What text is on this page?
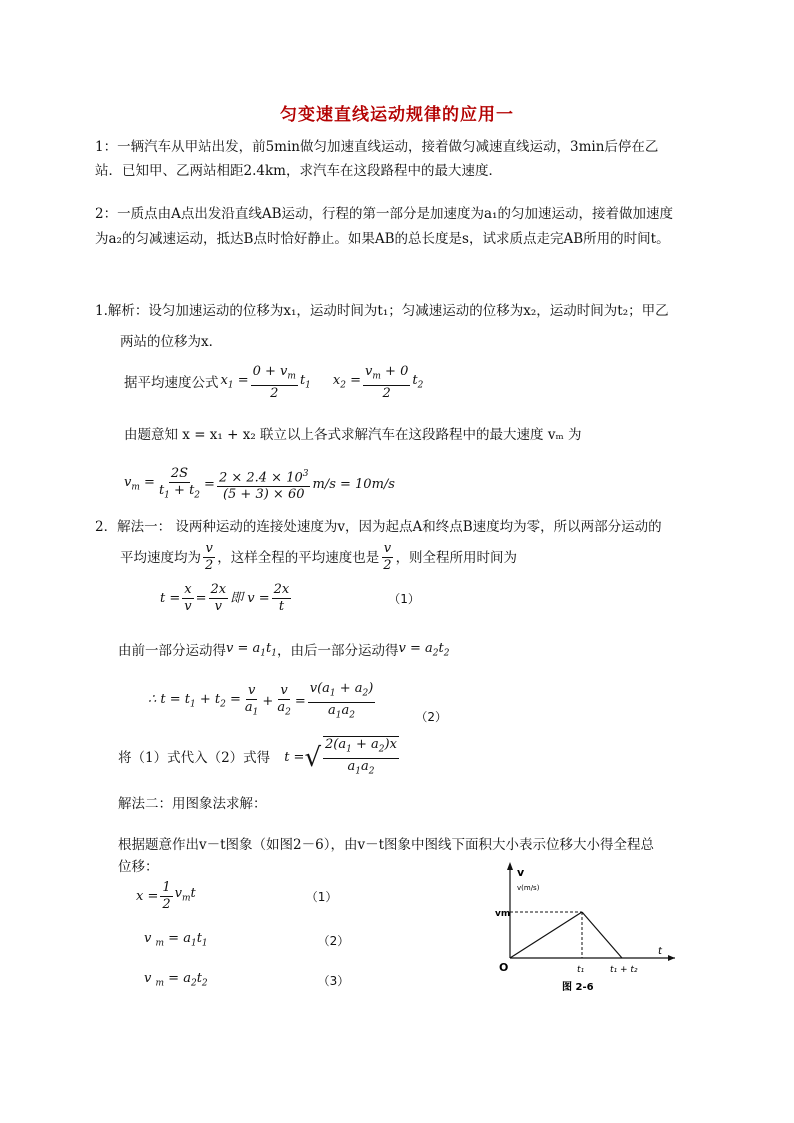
匀变速直线运动规律的应用一
1：一辆汽车从甲站出发，前5min做匀加速直线运动，接着做匀减速直线运动，3min后停在乙
站．已知甲、乙两站相距2.4km，求汽车在这段路程中的最大速度．
2：一质点由A点出发沿直线AB运动，行程的第一部分是加速度为a₁的匀加速运动，接着做加速度
为a₂的匀减速运动，抵达B点时恰好静止。如果AB的总长度是s，试求质点走完AB所用的时间t。
1.解析：设匀加速运动的位移为x₁，运动时间为t₁；匀减速运动的位移为x₂，运动时间为t₂；甲乙
两站的位移为x．
据平均速度公式 $x_1 = \frac{0 + v_m}{2} t_1$ $x_2 = \frac{v_m + 0}{2} t_2$
由题意知 x = x₁ + x₂ 联立以上各式求解汽车在这段路程中的最大速度 vₘ 为
$v_m = \frac{2S}{t_1 + t_2} = \frac{2 \times 2.4 \times 10^3}{(5 + 3) \times 60} m/s = 10m/s$
2．解法一： 设两种运动的连接处速度为v，因为起点A和终点B速度均为零，所以两部分运动的
平均速度均为 $\frac{v}{2}$ ，这样全程的平均速度也是 $\frac{v}{2}$ ，则全程所用时间为
$t = \frac{x}{v} = \frac{2x}{v}$ 即 $v = \frac{2x}{t}$	（1）
由前一部分运动得 $v = a_1t_1$ ，由后一部分运动得 $v = a_2t_2$
∴ $t = t_1 + t_2 = \frac{v}{a_1} + \frac{v}{a_2} = \frac{v(a_1 + a_2)}{a_1a_2}$	（2）
将（1）式代入（2）式得 t = √ $\frac{2(a_1 + a_2)x}{a_1a_2}$
解法二：用图象法求解：
根据题意作出v－t图象（如图2－6），由v－t图象中图线下面积大小表示位移大小得全程总
位移：
$x = \frac{1}{2} v_mt$	（1）
v $_m = a_1t_1$	（2）
v $_m = a_2t_2$	（3）
v
v(m/s)
vm
O	t₁	t₁ + t₂
t
图 2-6
